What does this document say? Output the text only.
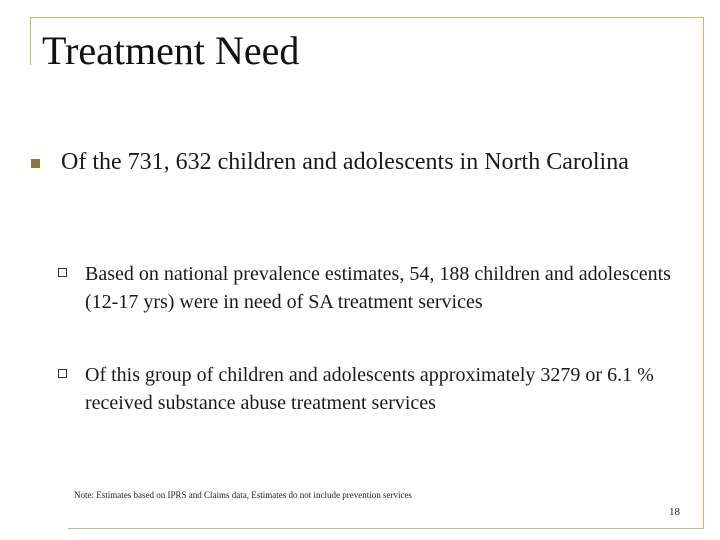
Treatment Need
Of the 731, 632 children and adolescents in North Carolina
Based on national prevalence estimates, 54, 188 children and adolescents (12-17 yrs) were in need of SA treatment services
Of this group of children and adolescents approximately 3279 or 6.1 % received substance abuse treatment services
Note: Estimates based on IPRS and Claims data, Estimates do not include prevention services
18
